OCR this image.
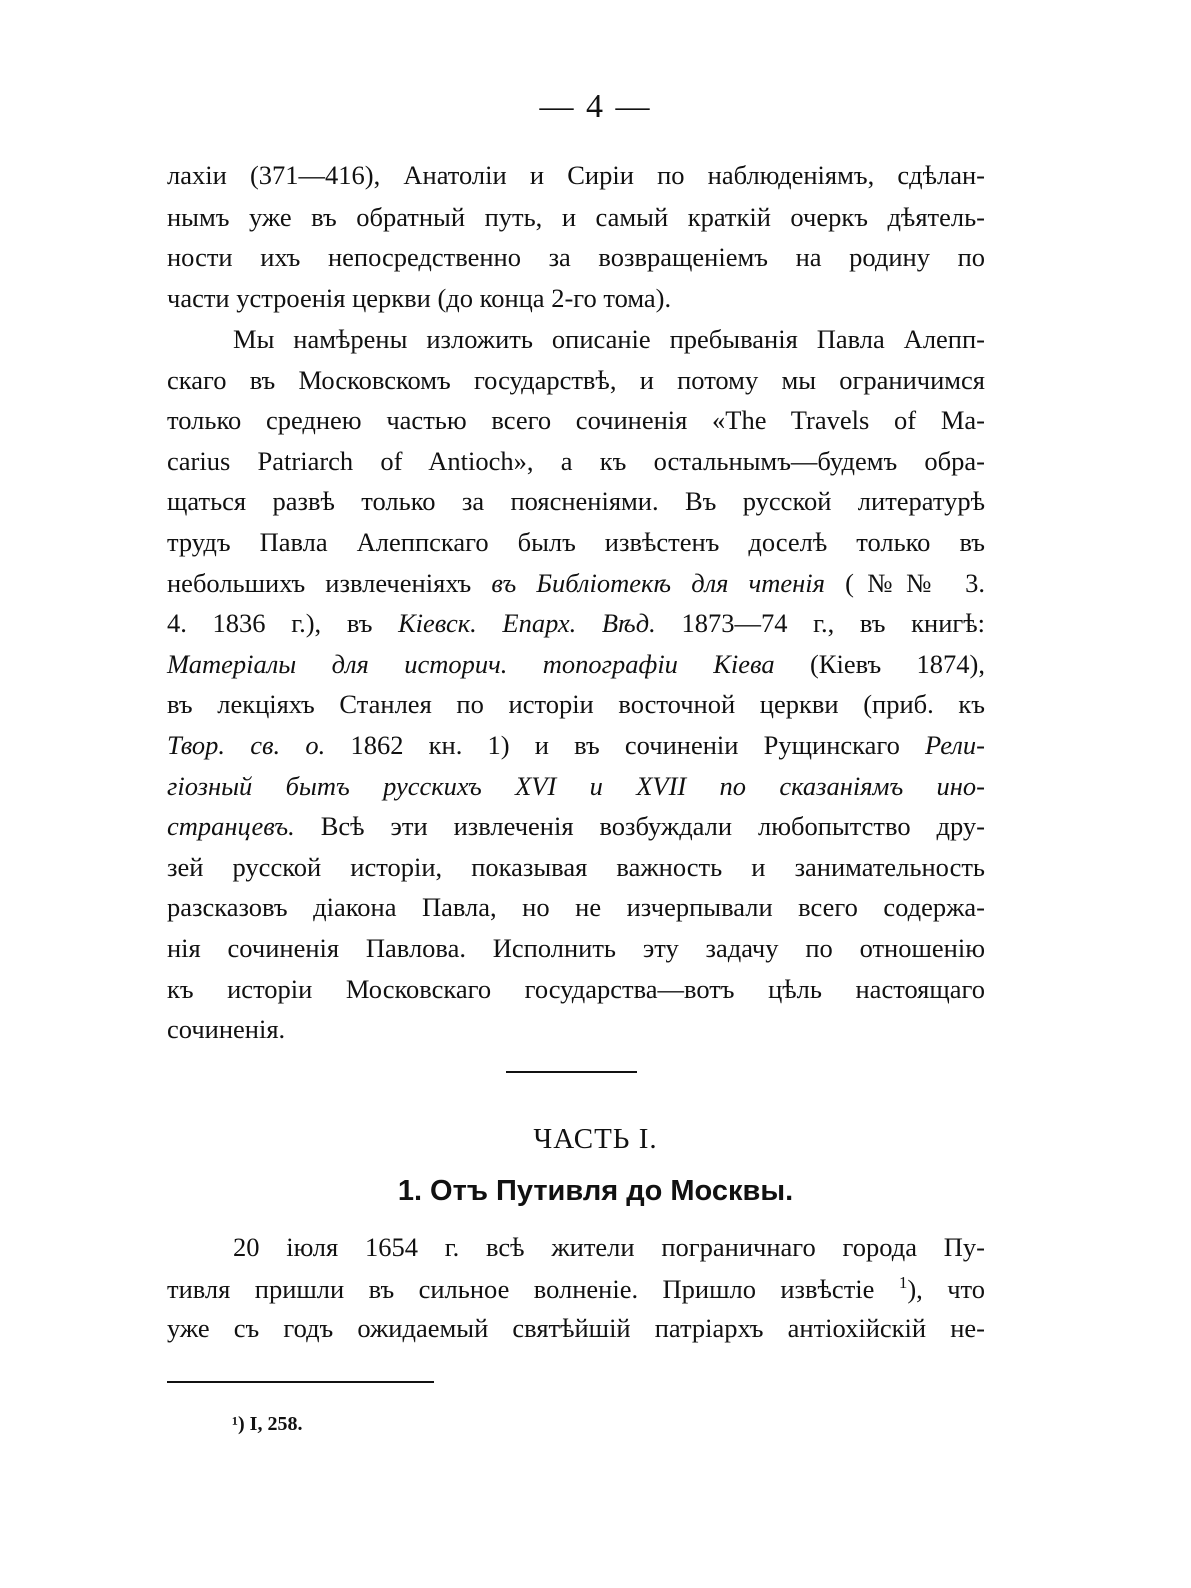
— 4 —
лахіи (371—416), Анатоліи и Сиріи по наблюденіямъ, сдѣлан-
нымъ уже въ обратный путь, и самый краткій очеркъ дѣятель-
ности ихъ непосредственно за возвращеніемъ на родину по
части устроенія церкви (до конца 2-го тома).
Мы намѣрены изложить описаніе пребыванія Павла Алепп-
скаго въ Московскомъ государствѣ, и потому мы ограничимся
только среднею частью всего сочиненія «The Travels of Ma-
carius Patriarch of Antioch», а къ остальнымъ—будемъ обра-
щаться развѣ только за поясненіями. Въ русской литературѣ
трудъ Павла Алеппскаго былъ извѣстенъ доселѣ только въ
небольшихъ извлеченіяхъ въ Библіотекѣ для чтенія (№№ 3.
4. 1836 г.), въ Кіевск. Епарх. Вѣд. 1873—74 г., въ книгѣ:
Матеріалы для историч. топографіи Кіева (Кіевъ 1874),
въ лекціяхъ Станлея по исторіи восточной церкви (приб. къ
Твор. св. о. 1862 кн. 1) и въ сочиненіи Рущинскаго Рели-
гіозный бытъ русскихъ XVI и XVII по сказаніямъ ино-
странцевъ. Всѣ эти извлеченія возбуждали любопытство дру-
зей русской исторіи, показывая важность и занимательность
разсказовъ діакона Павла, но не изчерпывали всего содержа-
нія сочиненія Павлова. Исполнить эту задачу по отношенію
къ исторіи Московскаго государства—вотъ цѣль настоящаго
сочиненія.
ЧАСТЬ I.
1. Отъ Путивля до Москвы.
20 іюля 1654 г. всѣ жители пограничнаго города Пу-
тивля пришли въ сильное волненіе. Пришло извѣстіе $^1$), что
уже съ годъ ожидаемый святѣйшій патріархъ антіохійскій не-
¹) I, 258.
